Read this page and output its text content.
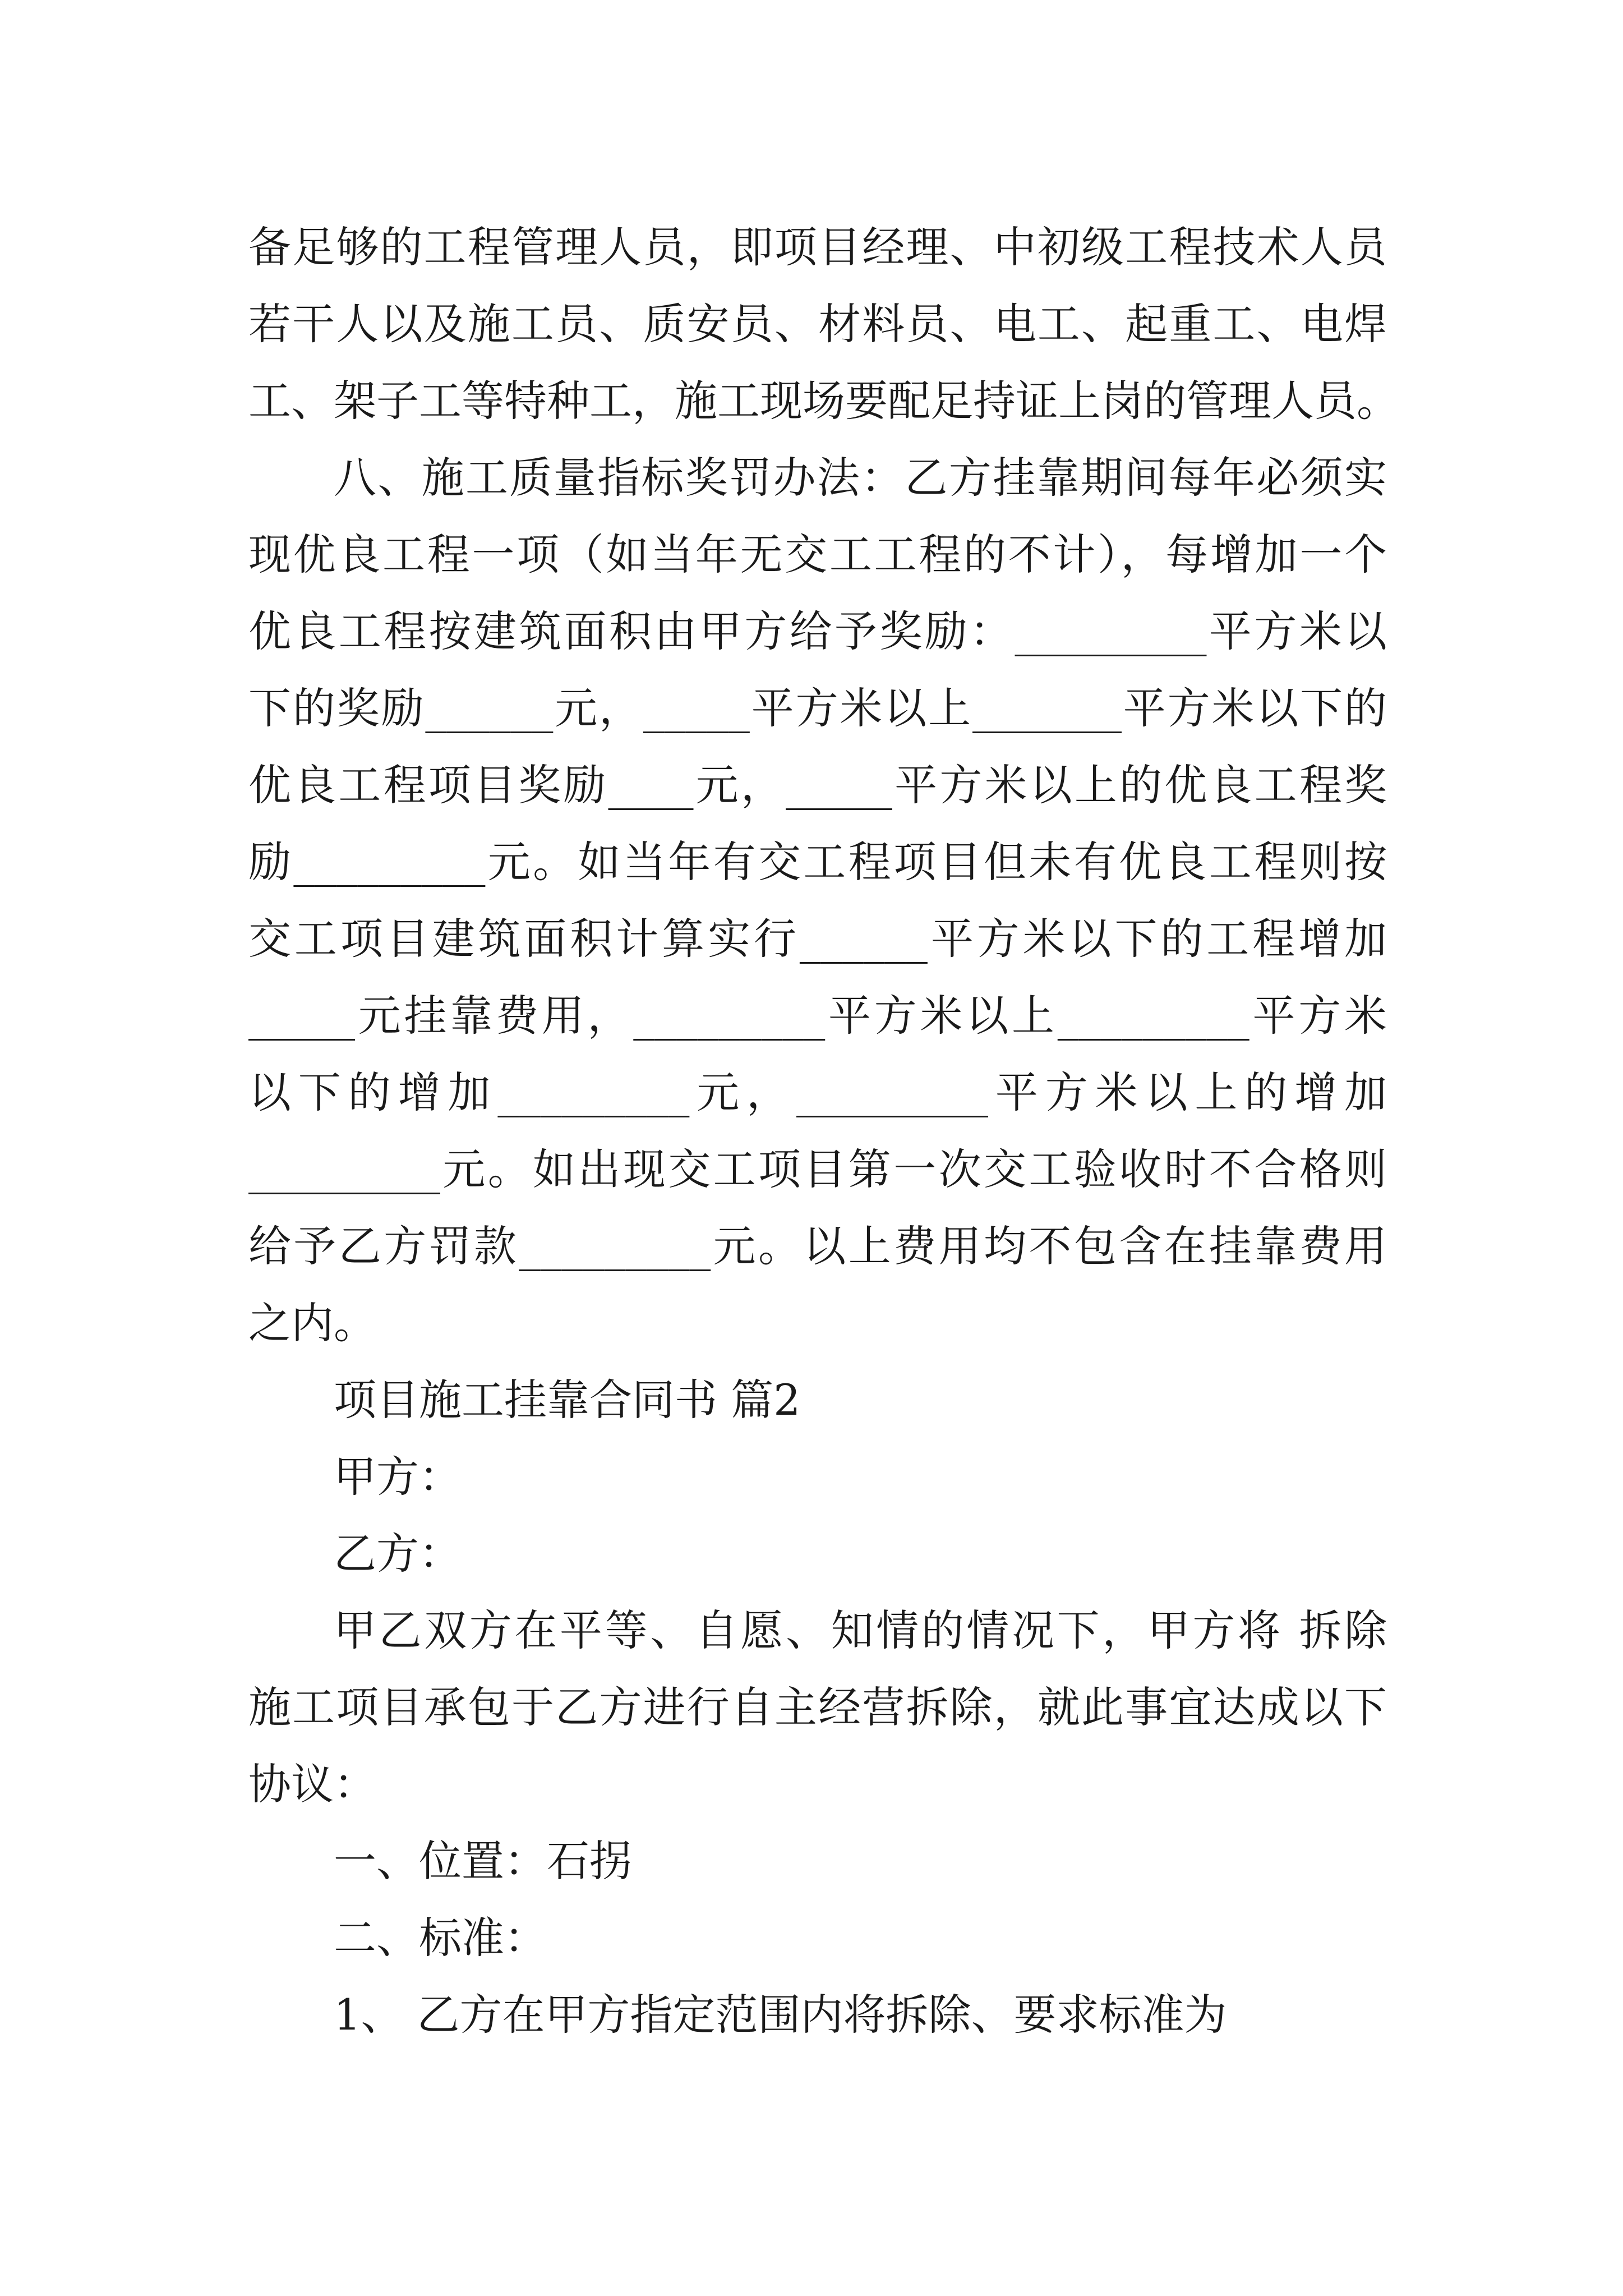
备足够的工程管理人员，即项目经理、中初级工程技术人员
若干人以及施工员、质安员、材料员、电工、起重工、电焊
工、架子工等特种工，施工现场要配足持证上岗的管理人员。
八、施工质量指标奖罚办法：乙方挂靠期间每年必须实
现优良工程一项（如当年无交工工程的不计），每增加一个
优良工程按建筑面积由甲方给予奖励：_________平方米以
下的奖励______元，_____平方米以上_______平方米以下的
优良工程项目奖励____元，_____平方米以上的优良工程奖
励_________元。如当年有交工程项目但未有优良工程则按
交工项目建筑面积计算实行______平方米以下的工程增加
_____元挂靠费用，_________平方米以上_________平方米
以下的增加_________元，_________平方米以上的增加
_________元。如出现交工项目第一次交工验收时不合格则
给予乙方罚款_________元。以上费用均不包含在挂靠费用
之内。
项目施工挂靠合同书 篇2
甲方：
乙方：
甲乙双方在平等、自愿、知情的情况下，甲方将 拆除
施工项目承包于乙方进行自主经营拆除，就此事宜达成以下
协议：
一、位置：石拐
二、标准：
1、 乙方在甲方指定范围内将拆除、要求标准为
